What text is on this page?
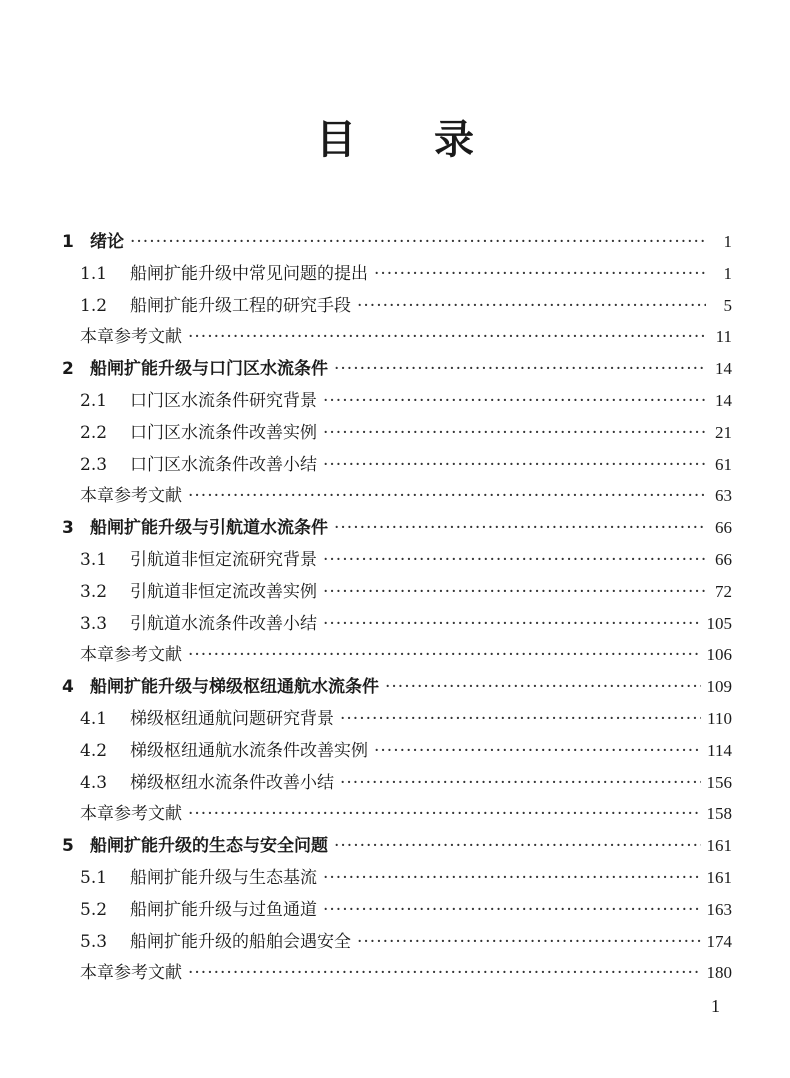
目 录
1 绪论 ·····	1
1.1	船闸扩能升级中常见问题的提出 ·····	1
1.2	船闸扩能升级工程的研究手段 ·····	5
本章参考文献 ·····	11
2 船闸扩能升级与口门区水流条件 ·····	14
2.1	口门区水流条件研究背景 ·····	14
2.2	口门区水流条件改善实例 ·····	21
2.3	口门区水流条件改善小结 ·····	61
本章参考文献 ·····	63
3 船闸扩能升级与引航道水流条件 ·····	66
3.1	引航道非恒定流研究背景 ·····	66
3.2	引航道非恒定流改善实例 ·····	72
3.3	引航道水流条件改善小结 ·····	105
本章参考文献 ·····	106
4 船闸扩能升级与梯级枢纽通航水流条件 ·····	109
4.1	梯级枢纽通航问题研究背景 ·····	110
4.2	梯级枢纽通航水流条件改善实例 ·····	114
4.3	梯级枢纽水流条件改善小结 ·····	156
本章参考文献 ·····	158
5 船闸扩能升级的生态与安全问题 ·····	161
5.1	船闸扩能升级与生态基流 ·····	161
5.2	船闸扩能升级与过鱼通道 ·····	163
5.3	船闸扩能升级的船舶会遇安全 ·····	174
本章参考文献 ·····	180
1
